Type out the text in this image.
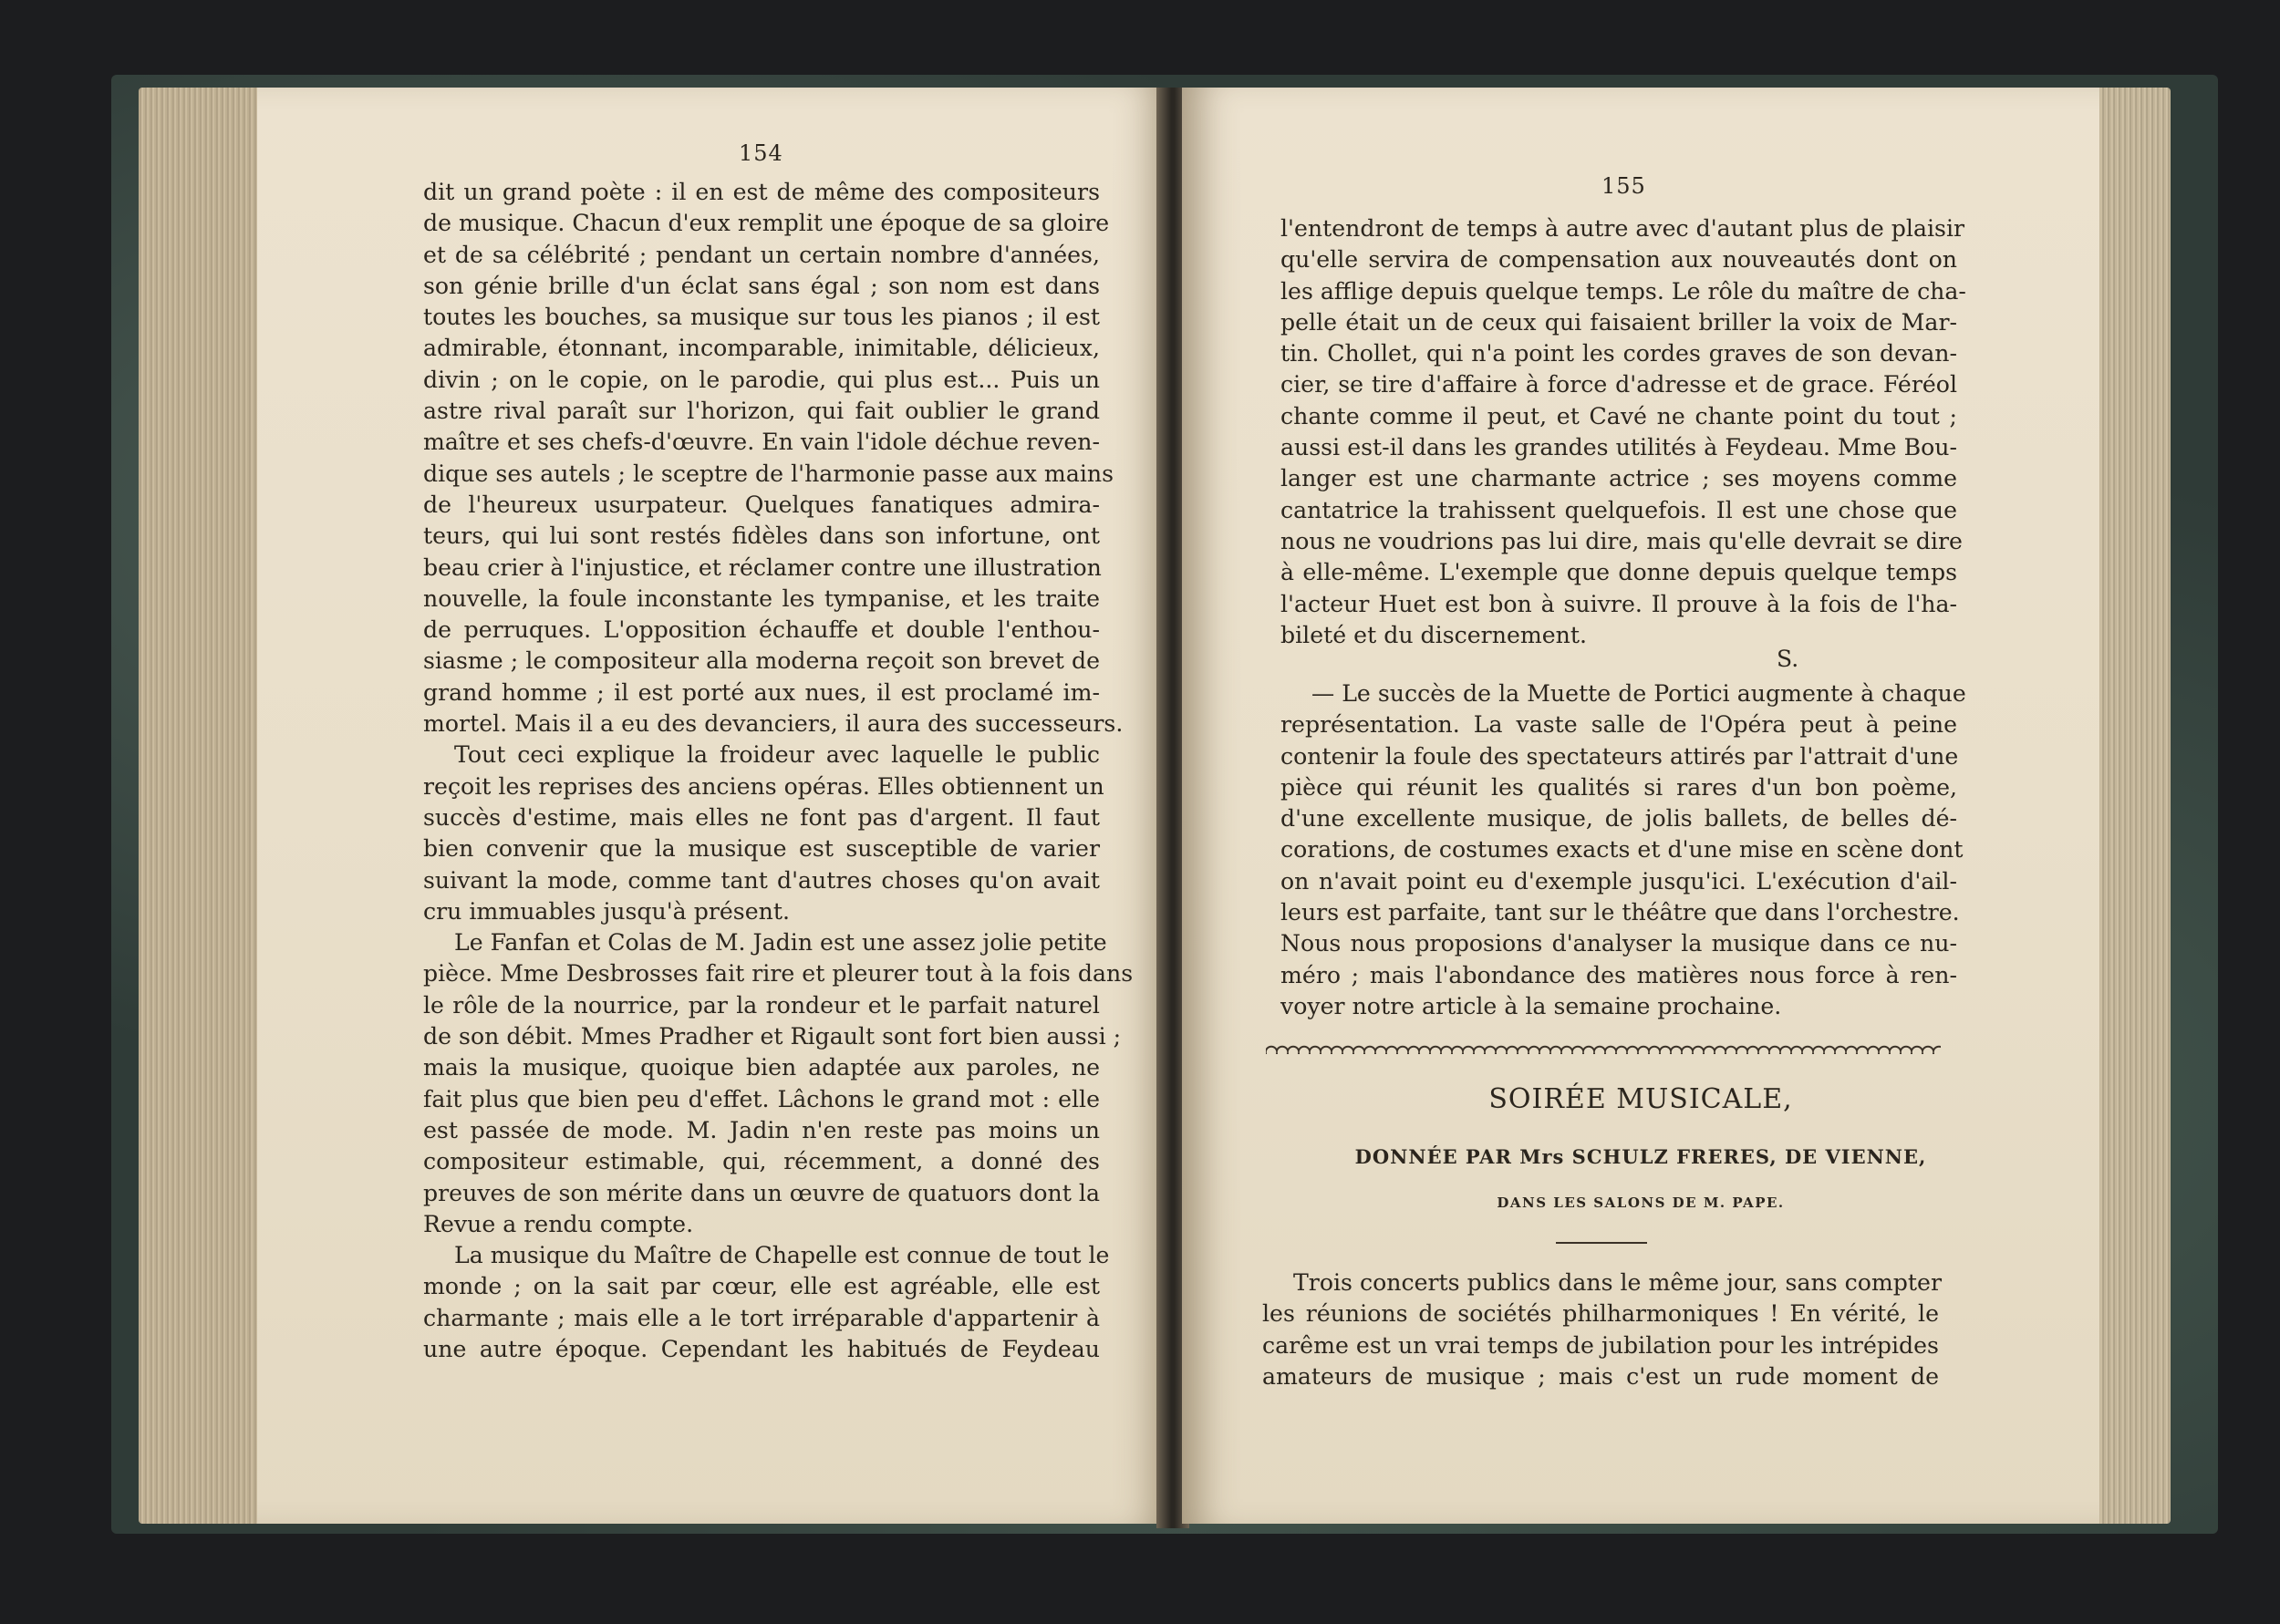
154
dit un grand poète : il en est de même des compositeurs
de musique. Chacun d'eux remplit une époque de sa gloire
et de sa célébrité ; pendant un certain nombre d'années,
son génie brille d'un éclat sans égal ; son nom est dans
toutes les bouches, sa musique sur tous les pianos ; il est
admirable, étonnant, incomparable, inimitable, délicieux,
divin ; on le copie, on le parodie, qui plus est... Puis un
astre rival paraît sur l'horizon, qui fait oublier le grand
maître et ses chefs-d'œuvre. En vain l'idole déchue reven-
dique ses autels ; le sceptre de l'harmonie passe aux mains
de l'heureux usurpateur. Quelques fanatiques admira-
teurs, qui lui sont restés fidèles dans son infortune, ont
beau crier à l'injustice, et réclamer contre une illustration
nouvelle, la foule inconstante les tympanise, et les traite
de perruques. L'opposition échauffe et double l'enthou-
siasme ; le compositeur alla moderna reçoit son brevet de
grand homme ; il est porté aux nues, il est proclamé im-
mortel. Mais il a eu des devanciers, il aura des successeurs.
Tout ceci explique la froideur avec laquelle le public
reçoit les reprises des anciens opéras. Elles obtiennent un
succès d'estime, mais elles ne font pas d'argent. Il faut
bien convenir que la musique est susceptible de varier
suivant la mode, comme tant d'autres choses qu'on avait
cru immuables jusqu'à présent.
Le Fanfan et Colas de M. Jadin est une assez jolie petite
pièce. Mme Desbrosses fait rire et pleurer tout à la fois dans
le rôle de la nourrice, par la rondeur et le parfait naturel
de son débit. Mmes Pradher et Rigault sont fort bien aussi ;
mais la musique, quoique bien adaptée aux paroles, ne
fait plus que bien peu d'effet. Lâchons le grand mot : elle
est passée de mode. M. Jadin n'en reste pas moins un
compositeur estimable, qui, récemment, a donné des
preuves de son mérite dans un œuvre de quatuors dont la
Revue a rendu compte.
La musique du Maître de Chapelle est connue de tout le
monde ; on la sait par cœur, elle est agréable, elle est
charmante ; mais elle a le tort irréparable d'appartenir à
une autre époque. Cependant les habitués de Feydeau
155
l'entendront de temps à autre avec d'autant plus de plaisir
qu'elle servira de compensation aux nouveautés dont on
les afflige depuis quelque temps. Le rôle du maître de cha-
pelle était un de ceux qui faisaient briller la voix de Mar-
tin. Chollet, qui n'a point les cordes graves de son devan-
cier, se tire d'affaire à force d'adresse et de grace. Féréol
chante comme il peut, et Cavé ne chante point du tout ;
aussi est-il dans les grandes utilités à Feydeau. Mme Bou-
langer est une charmante actrice ; ses moyens comme
cantatrice la trahissent quelquefois. Il est une chose que
nous ne voudrions pas lui dire, mais qu'elle devrait se dire
à elle-même. L'exemple que donne depuis quelque temps
l'acteur Huet est bon à suivre. Il prouve à la fois de l'ha-
bileté et du discernement.
S.
— Le succès de la Muette de Portici augmente à chaque
représentation. La vaste salle de l'Opéra peut à peine
contenir la foule des spectateurs attirés par l'attrait d'une
pièce qui réunit les qualités si rares d'un bon poème,
d'une excellente musique, de jolis ballets, de belles dé-
corations, de costumes exacts et d'une mise en scène dont
on n'avait point eu d'exemple jusqu'ici. L'exécution d'ail-
leurs est parfaite, tant sur le théâtre que dans l'orchestre.
Nous nous proposions d'analyser la musique dans ce nu-
méro ; mais l'abondance des matières nous force à ren-
voyer notre article à la semaine prochaine.
SOIRÉE MUSICALE,
DONNÉE PAR Mrs SCHULZ FRERES, DE VIENNE,
DANS LES SALONS DE M. PAPE.
Trois concerts publics dans le même jour, sans compter
les réunions de sociétés philharmoniques ! En vérité, le
carême est un vrai temps de jubilation pour les intrépides
amateurs de musique ; mais c'est un rude moment de
